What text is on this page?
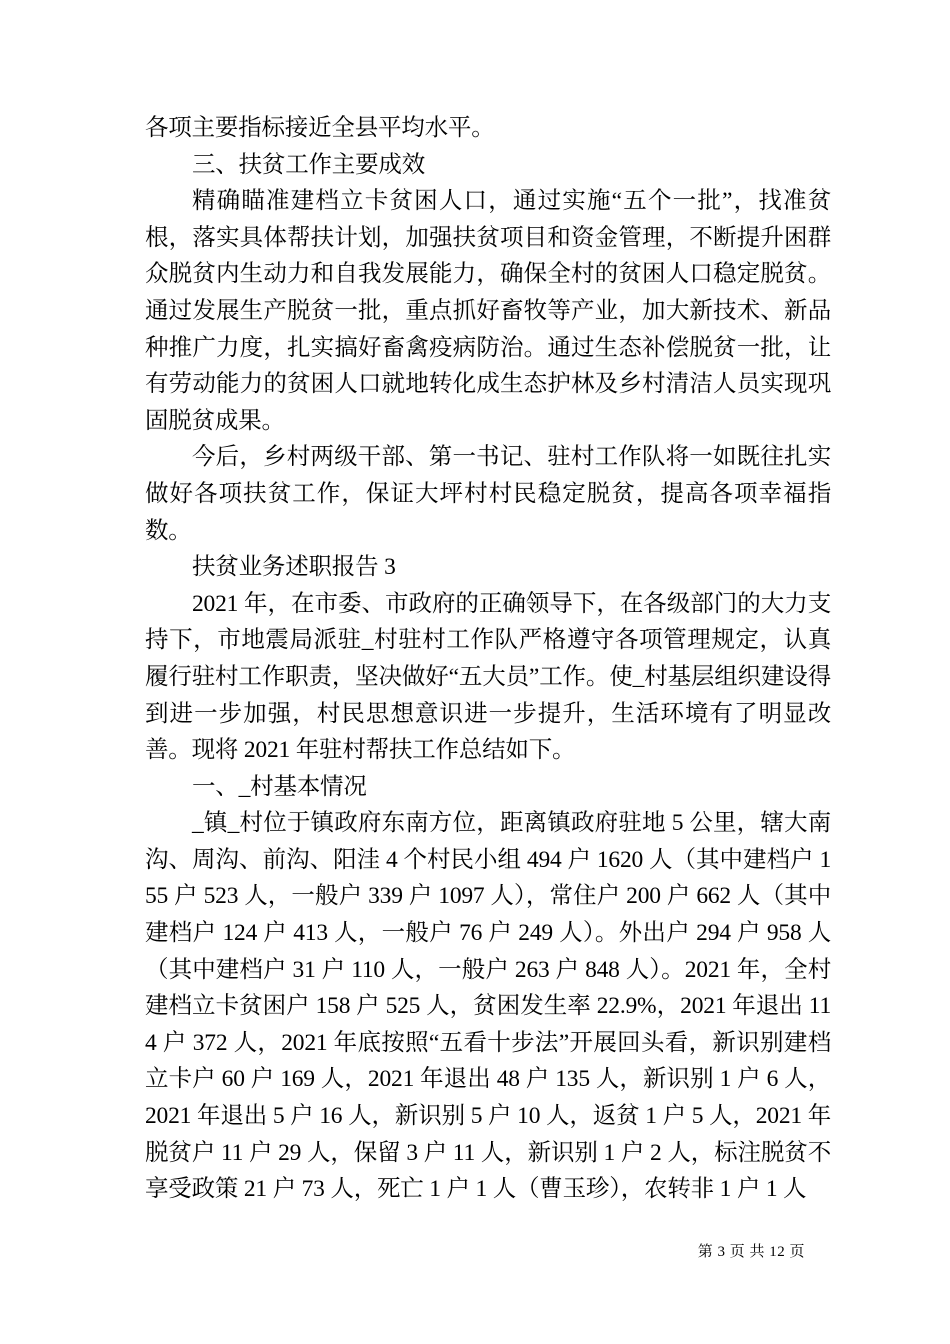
各项主要指标接近全县平均水平。

三、扶贫工作主要成效

精确瞄准建档立卡贫困人口，通过实施“五个一批”，找准贫根，落实具体帮扶计划，加强扶贫项目和资金管理，不断提升困群众脱贫内生动力和自我发展能力，确保全村的贫困人口稳定脱贫。通过发展生产脱贫一批，重点抓好畜牧等产业，加大新技术、新品种推广力度，扎实搞好畜禽疫病防治。通过生态补偿脱贫一批，让有劳动能力的贫困人口就地转化成生态护林及乡村清洁人员实现巩固脱贫成果。

今后，乡村两级干部、第一书记、驻村工作队将一如既往扎实做好各项扶贫工作，保证大坪村村民稳定脱贫，提高各项幸福指数。

扶贫业务述职报告 3

2021 年，在市委、市政府的正确领导下，在各级部门的大力支持下，市地震局派驻_村驻村工作队严格遵守各项管理规定，认真履行驻村工作职责，坚决做好“五大员”工作。使_村基层组织建设得到进一步加强，村民思想意识进一步提升，生活环境有了明显改善。现将 2021 年驻村帮扶工作总结如下。

一、_村基本情况

_镇_村位于镇政府东南方位，距离镇政府驻地 5 公里，辖大南沟、周沟、前沟、阳洼 4 个村民小组 494 户 1620 人（其中建档户 155 户 523 人，一般户 339 户 1097 人），常住户 200 户 662 人（其中建档户 124 户 413 人，一般户 76 户 249 人）。外出户 294 户 958 人（其中建档户 31 户 110 人，一般户 263 户 848 人）。2021 年，全村建档立卡贫困户 158 户 525 人，贫困发生率 22.9%，2021 年退出 114 户 372 人，2021 年底按照“五看十步法”开展回头看，新识别建档立卡户 60 户 169 人，2021 年退出 48 户 135 人，新识别 1 户 6 人，2021 年退出 5 户 16 人，新识别 5 户 10 人，返贫 1 户 5 人，2021 年脱贫户 11 户 29 人，保留 3 户 11 人，新识别 1 户 2 人，标注脱贫不享受政策 21 户 73 人，死亡 1 户 1 人（曹玉珍），农转非 1 户 1 人

第 3 页 共 12 页
